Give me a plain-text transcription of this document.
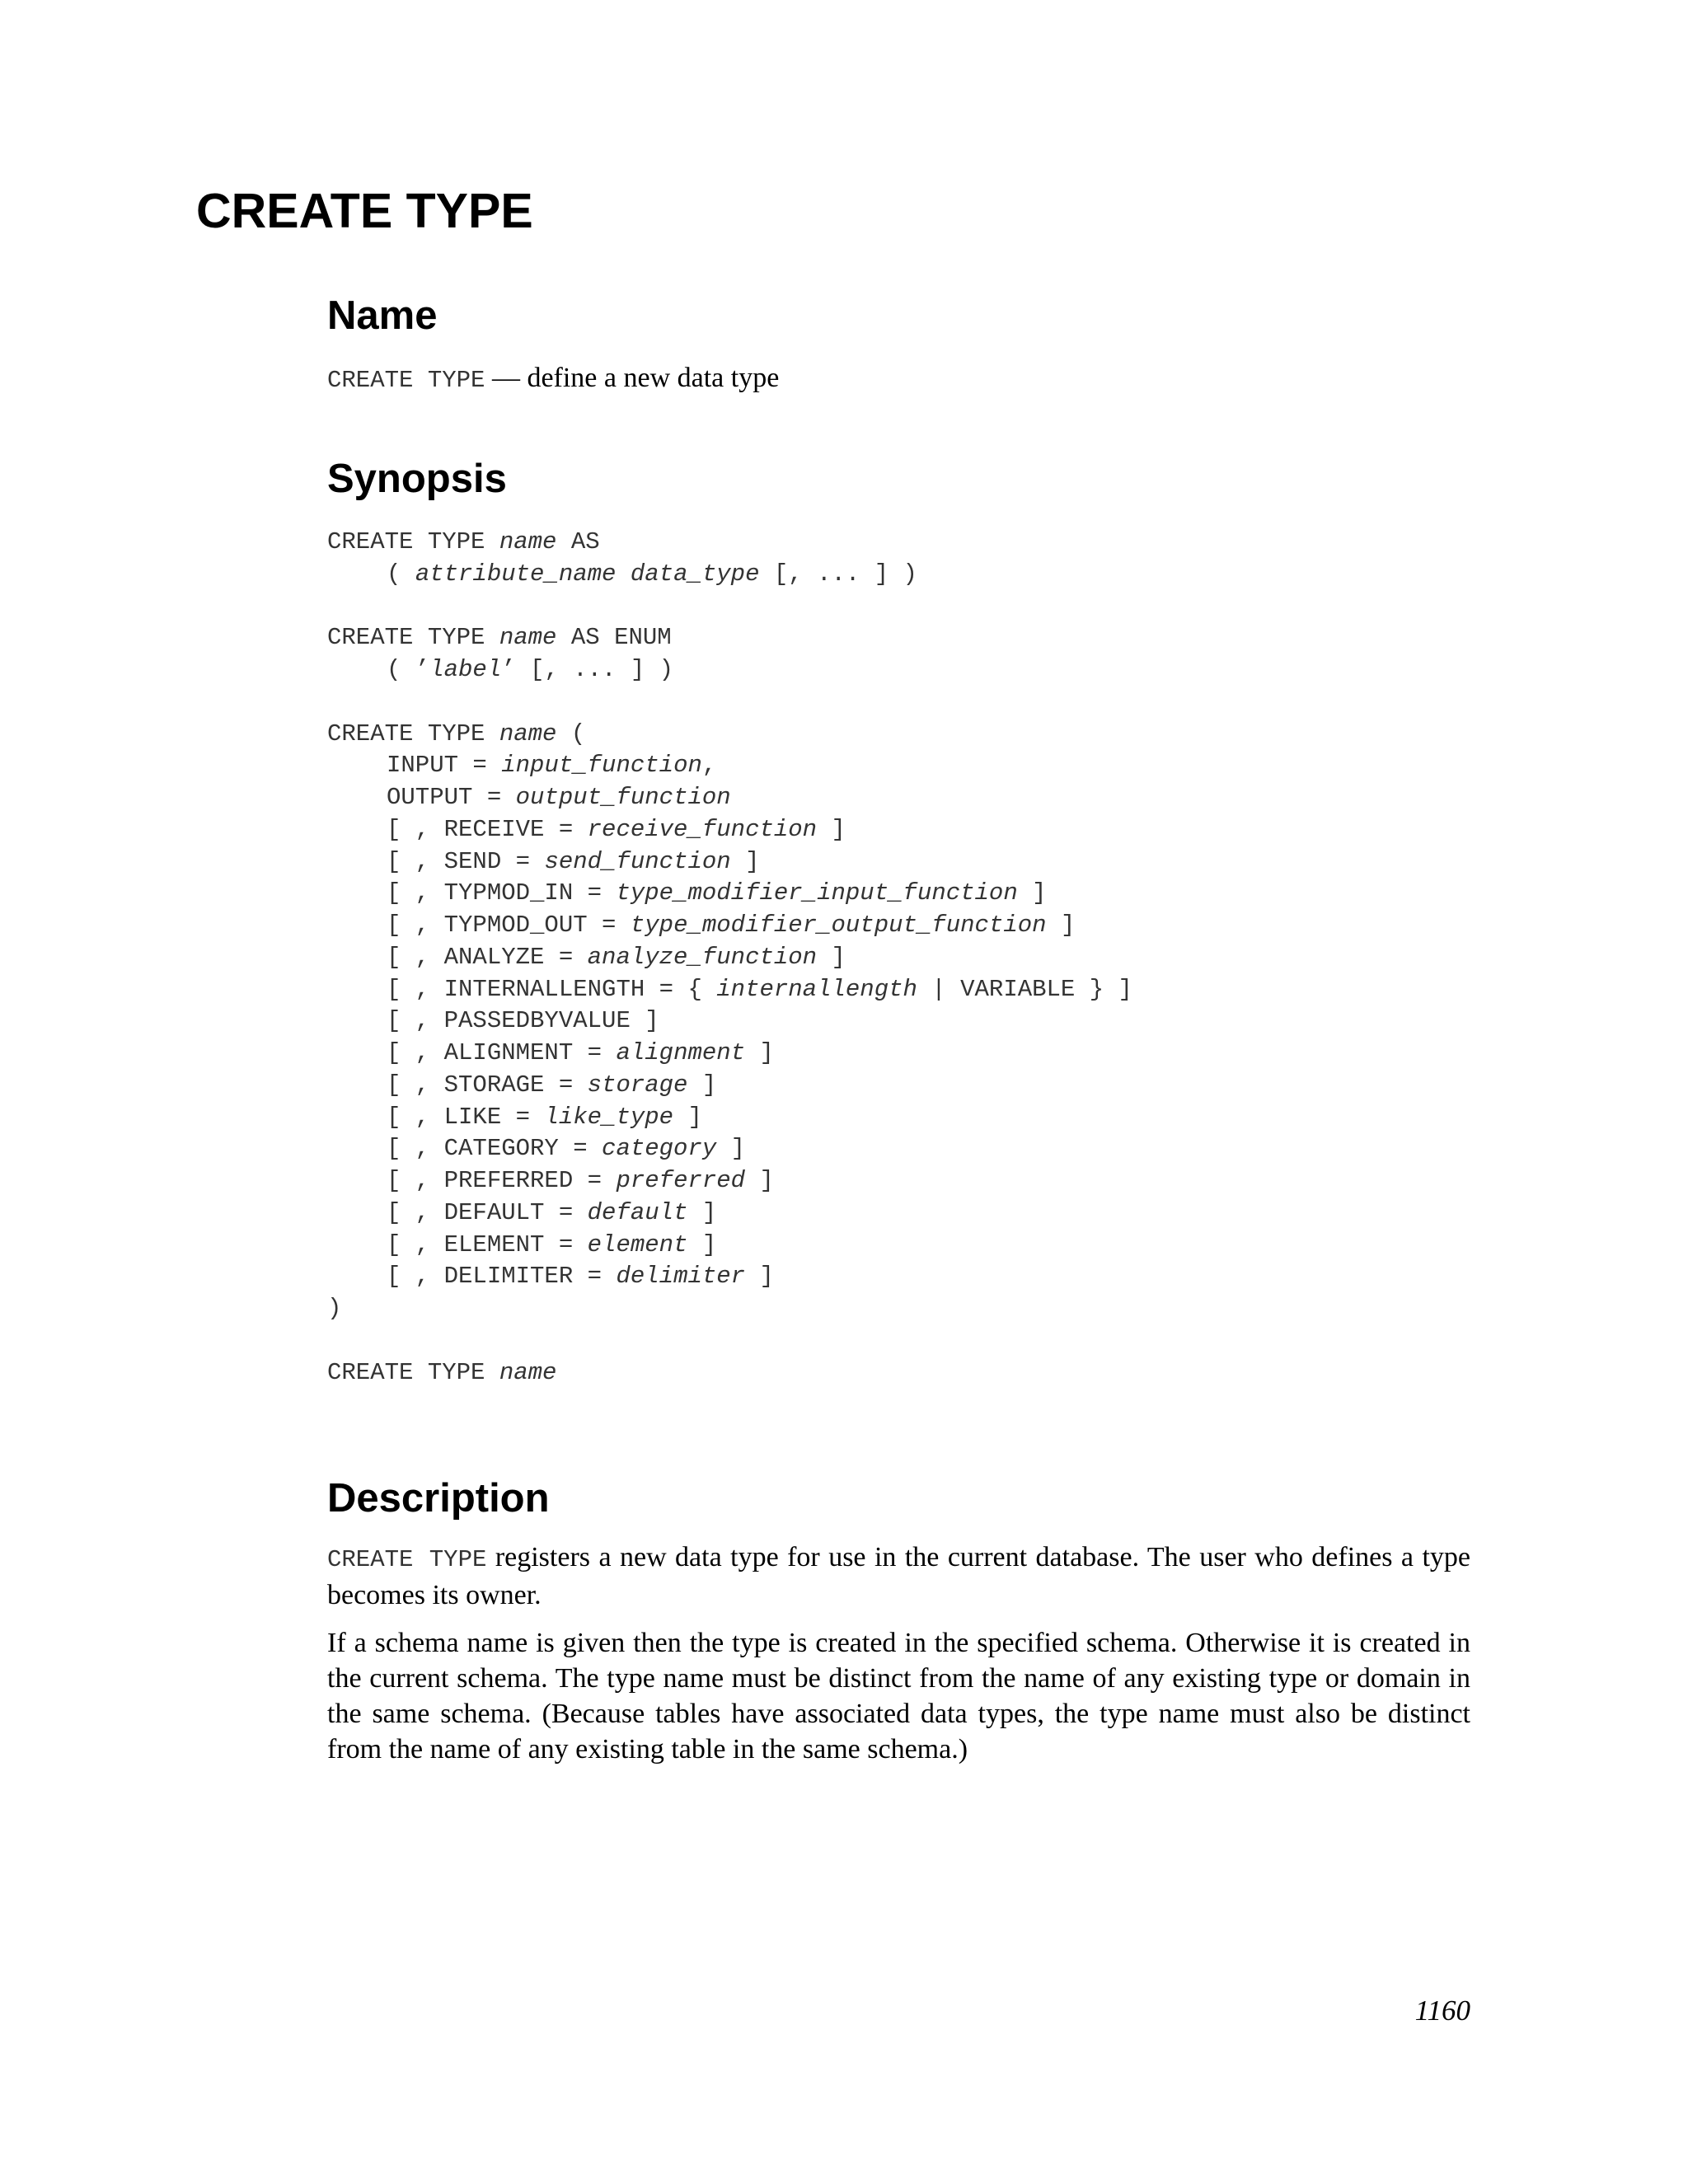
CREATE TYPE
Name

CREATE TYPE — define a new data type

Synopsis
CREATE TYPE name AS
( attribute_name data_type [, ... ] )

CREATE TYPE name AS ENUM
( ’label’ [, ... ] )

CREATE TYPE name (
INPUT = input_function,
OUTPUT = output_function
[ , RECEIVE = receive_function ]
[ , SEND = send_function ]
[ , TYPMOD_IN = type_modifier_input_function ]
[ , TYPMOD_OUT = type_modifier_output_function ]
[ , ANALYZE = analyze_function ]
[ , INTERNALLENGTH = { internallength | VARIABLE } ]
[ , PASSEDBYVALUE ]
[ , ALIGNMENT = alignment ]
[ , STORAGE = storage ]
[ , LIKE = like_type ]
[ , CATEGORY = category ]
[ , PREFERRED = preferred ]
[ , DEFAULT = default ]
[ , ELEMENT = element ]
[ , DELIMITER = delimiter ]
)

CREATE TYPE name
Description

CREATE TYPE registers a new data type for use in the current database. The user who defines a type becomes its owner.

If a schema name is given then the type is created in the specified schema. Otherwise it is created in the current schema. The type name must be distinct from the name of any existing type or domain in the same schema. (Because tables have associated data types, the type name must also be distinct from the name of any existing table in the same schema.)

1160
